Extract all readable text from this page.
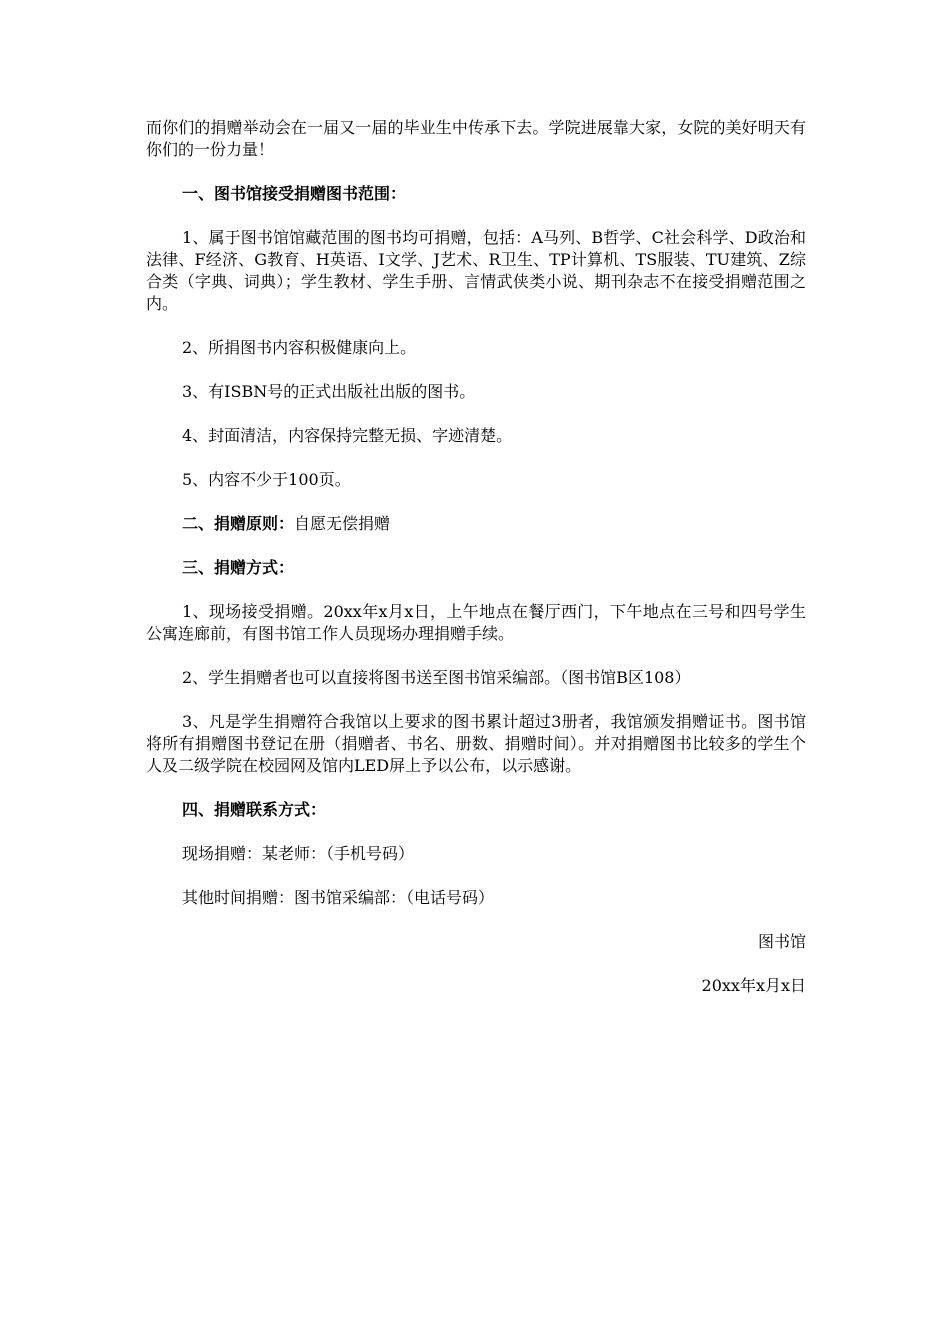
而你们的捐赠举动会在一届又一届的毕业生中传承下去。学院进展靠大家，女院的美好明天有你们的一份力量！

一、图书馆接受捐赠图书范围：

1、属于图书馆馆藏范围的图书均可捐赠，包括：A马列、B哲学、C社会科学、D政治和法律、F经济、G教育、H英语、I文学、J艺术、R卫生、TP计算机、TS服装、TU建筑、Z综合类（字典、词典）；学生教材、学生手册、言情武侠类小说、期刊杂志不在接受捐赠范围之内。

2、所捐图书内容积极健康向上。

3、有ISBN号的正式出版社出版的图书。

4、封面清洁，内容保持完整无损、字迹清楚。

5、内容不少于100页。

二、捐赠原则：自愿无偿捐赠

三、捐赠方式：

1、现场接受捐赠。20xx年x月x日，上午地点在餐厅西门，下午地点在三号和四号学生公寓连廊前，有图书馆工作人员现场办理捐赠手续。

2、学生捐赠者也可以直接将图书送至图书馆采编部。（图书馆B区108）

3、凡是学生捐赠符合我馆以上要求的图书累计超过3册者，我馆颁发捐赠证书。图书馆将所有捐赠图书登记在册（捐赠者、书名、册数、捐赠时间）。并对捐赠图书比较多的学生个人及二级学院在校园网及馆内LED屏上予以公布，以示感谢。

四、捐赠联系方式：

现场捐赠：某老师：（手机号码）

其他时间捐赠：图书馆采编部：（电话号码）

图书馆

20xx年x月x日
